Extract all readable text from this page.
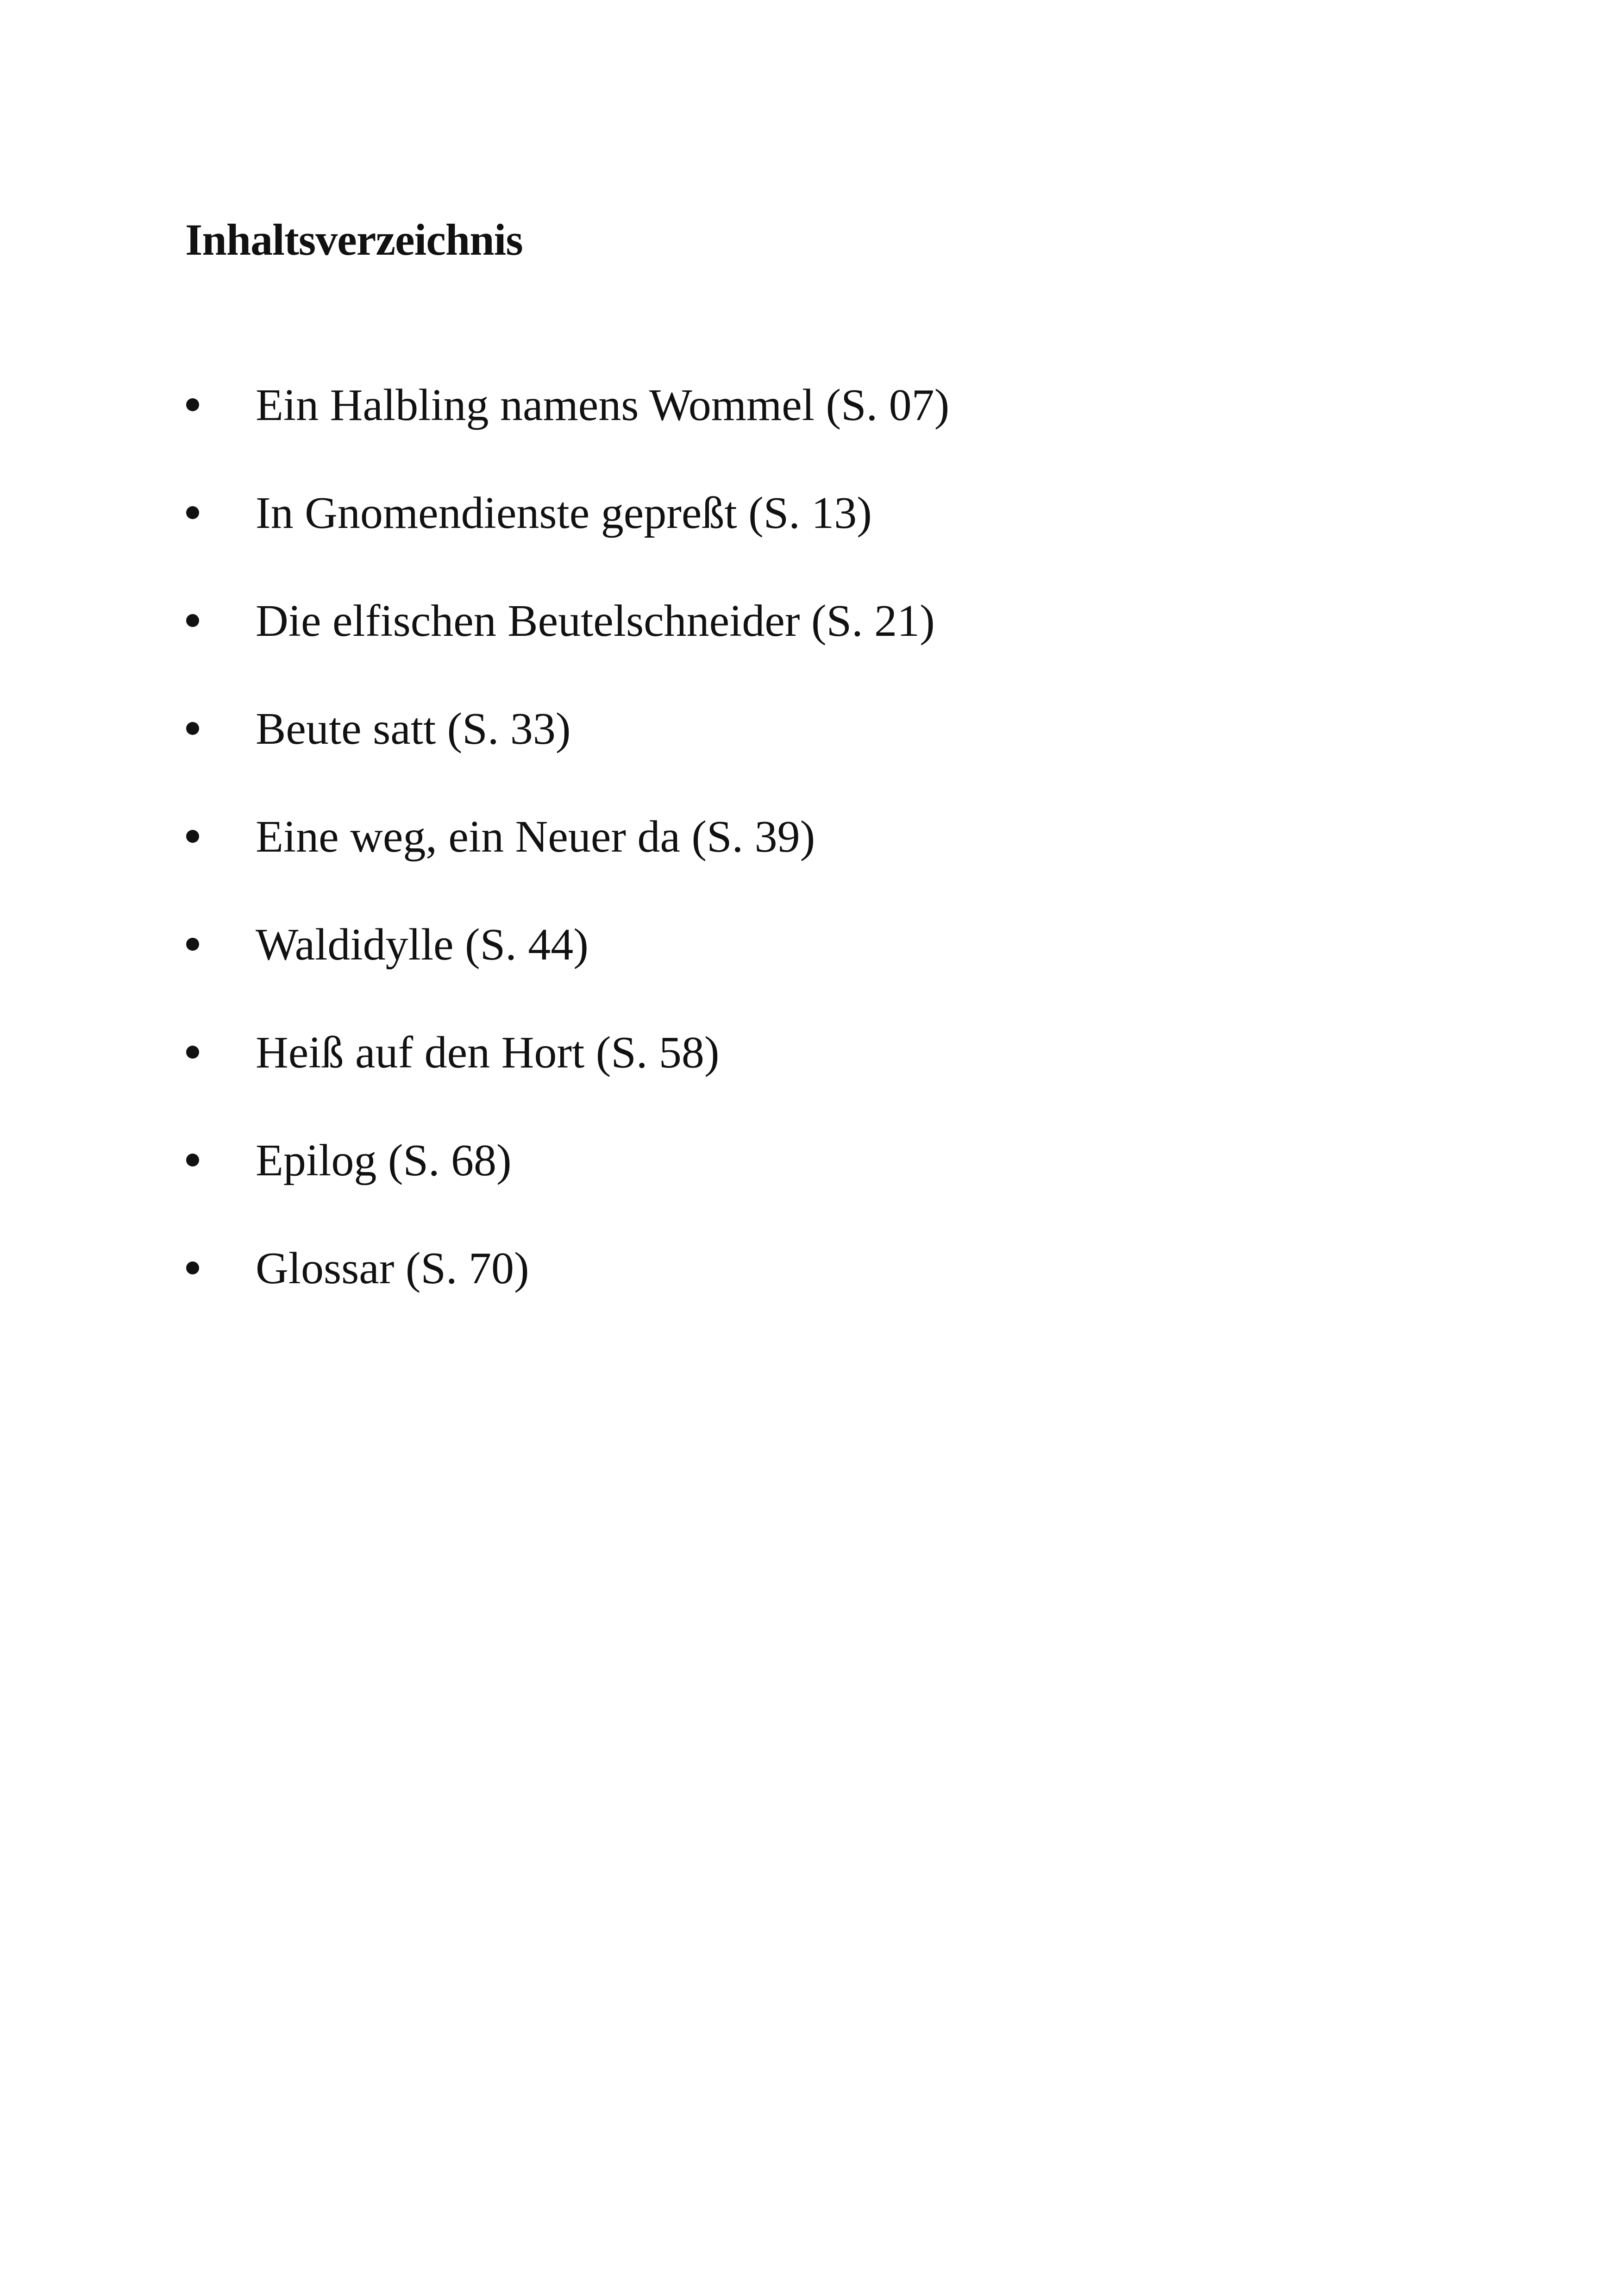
Inhaltsverzeichnis
Ein Halbling namens Wommel (S. 07)
In Gnomendienste gepreßt (S. 13)
Die elfischen Beutelschneider (S. 21)
Beute satt (S. 33)
Eine weg, ein Neuer da (S. 39)
Waldidylle (S. 44)
Heiß auf den Hort (S. 58)
Epilog (S. 68)
Glossar (S. 70)
